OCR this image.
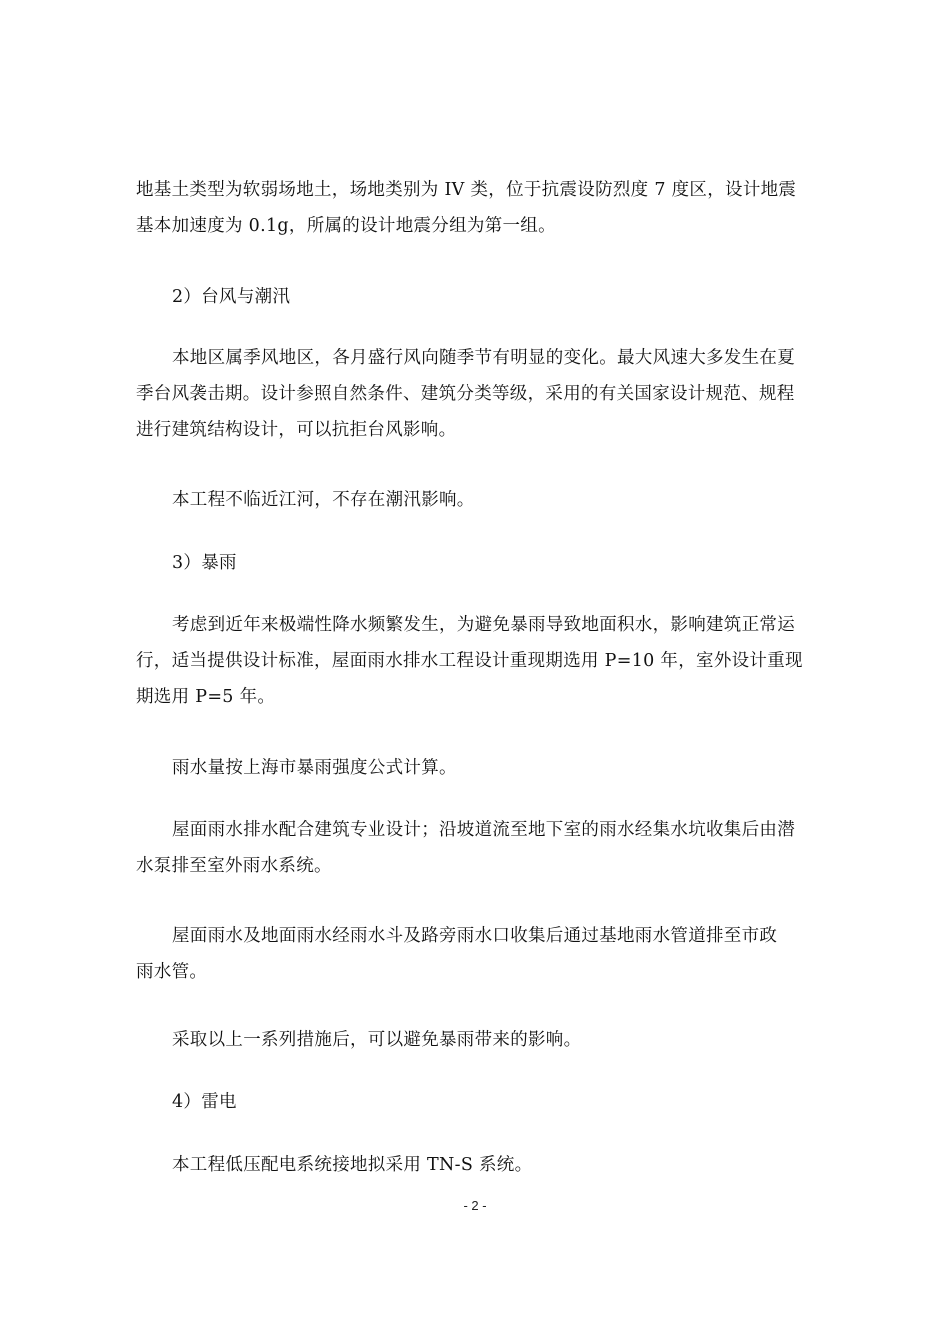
地基土类型为软弱场地土，场地类别为 IV 类，位于抗震设防烈度 7 度区，设计地震
基本加速度为 0.1g，所属的设计地震分组为第一组。
2）台风与潮汛
本地区属季风地区，各月盛行风向随季节有明显的变化。最大风速大多发生在夏
季台风袭击期。设计参照自然条件、建筑分类等级，采用的有关国家设计规范、规程
进行建筑结构设计，可以抗拒台风影响。
本工程不临近江河，不存在潮汛影响。
3）暴雨
考虑到近年来极端性降水频繁发生，为避免暴雨导致地面积水，影响建筑正常运
行，适当提供设计标准，屋面雨水排水工程设计重现期选用 P=10 年，室外设计重现
期选用 P=5 年。
雨水量按上海市暴雨强度公式计算。
屋面雨水排水配合建筑专业设计；沿坡道流至地下室的雨水经集水坑收集后由潜
水泵排至室外雨水系统。
屋面雨水及地面雨水经雨水斗及路旁雨水口收集后通过基地雨水管道排至市政
雨水管。
采取以上一系列措施后，可以避免暴雨带来的影响。
4）雷电
本工程低压配电系统接地拟采用 TN-S 系统。
- 2 -
